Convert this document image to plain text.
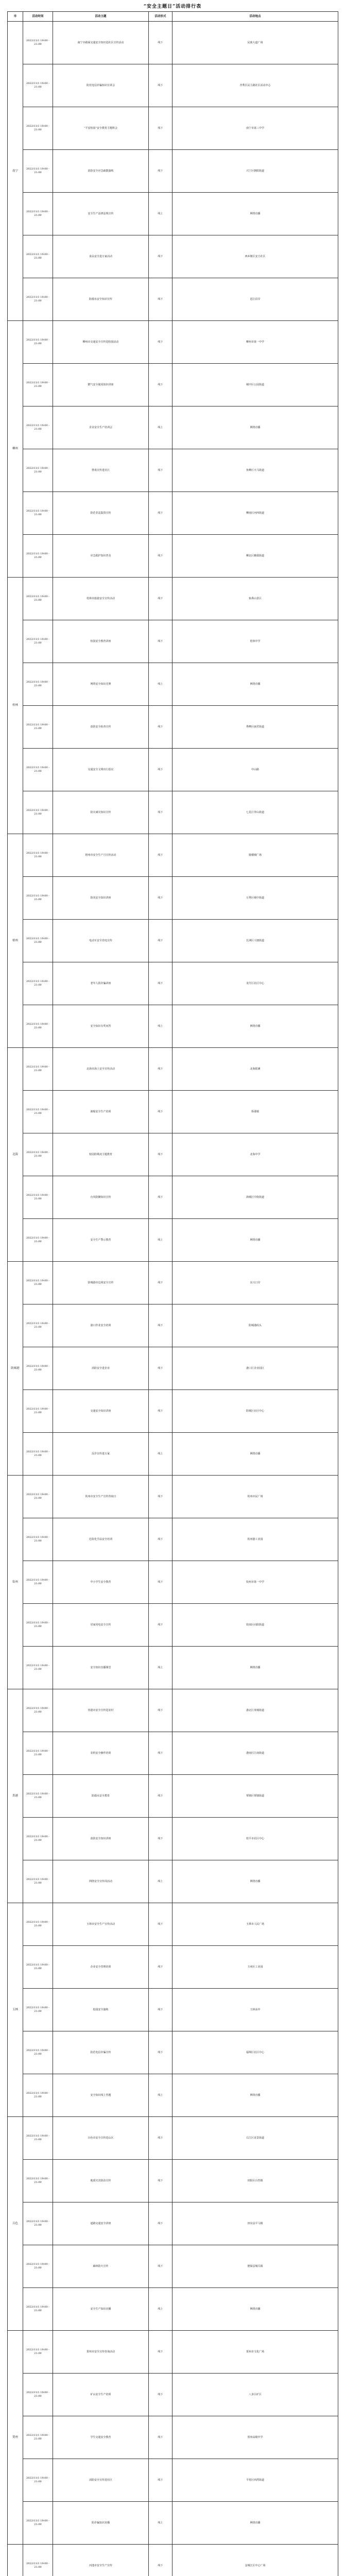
“安全主题日”活动排行表
市	活动时间	活动主题	活动形式	活动地点
南宁	2022/11/1 19:00 - 21:00	南宁市路面交通安全知识进社区宣传活动	线下	民族大道广场
	2022/11/1 19:00 - 21:00	防范电信诈骗知识宣讲会	线下	青秀区民主路社区活动中心
	2022/11/1 19:00 - 21:00	“平安校园”安全教育主题班会	线下	南宁市第三中学
	2022/11/1 19:00 - 21:00	消防安全应急疏散演练	线下	兴宁区朝阳街道
	2022/11/1 19:00 - 21:00	安全生产法律法规宣传	线上	网络直播
	2022/11/1 19:00 - 21:00	食品安全进万家活动	线下	西乡塘区安吉社区
	2022/11/1 19:00 - 21:00	防溺水安全知识宣传	线下	邕江沿岸
柳州	2022/11/1 19:00 - 21:00	柳州市交通安全宣传进校园活动	线下	柳州市第一中学
	2022/11/1 19:00 - 21:00	燃气安全使用知识讲座	线下	城中区公园街道
	2022/11/1 19:00 - 21:00	企业安全生产培训会	线上	网络直播
	2022/11/1 19:00 - 21:00	禁毒宣传进社区	线下	鱼峰区天马街道
	2022/11/1 19:00 - 21:00	防范非法集资宣传	线下	柳南区河西街道
	2022/11/1 19:00 - 21:00	应急救护知识普及	线下	柳北区雅儒街道
桂林	2022/11/1 19:00 - 21:00	桂林市旅游安全宣传活动	线下	象鼻山景区
	2022/11/1 19:00 - 21:00	校园安全教育讲座	线下	桂林中学
	2022/11/1 19:00 - 21:00	网络安全知识竞赛	线上	网络直播
	2022/11/1 19:00 - 21:00	消防安全检查宣传	线下	秀峰区丽君街道
	2022/11/1 19:00 - 21:00	交通安全文明出行倡议	线下	中山路
	2022/11/1 19:00 - 21:00	防灾减灾知识宣传	线下	七星区穿山街道
梧州	2022/11/1 19:00 - 21:00	梧州市安全生产月宣传活动	线下	骑楼城广场
	2022/11/1 19:00 - 21:00	防汛安全知识讲座	线下	万秀区城中街道
	2022/11/1 19:00 - 21:00	电动车安全充电宣传	线下	长洲区大塘街道
	2022/11/1 19:00 - 21:00	老年人防诈骗讲座	线下	龙圩区社区中心
	2022/11/1 19:00 - 21:00	安全知识有奖问答	线上	网络直播
北海	2022/11/1 19:00 - 21:00	北海市海上安全宣传活动	线下	北海银滩
	2022/11/1 19:00 - 21:00	渔船安全生产培训	线下	侨港镇
	2022/11/1 19:00 - 21:00	校园防欺凌主题教育	线下	北海中学
	2022/11/1 19:00 - 21:00	台风防御知识宣传	线下	海城区中街街道
	2022/11/1 19:00 - 21:00	安全生产警示教育	线上	网络直播
防城港	2022/11/1 19:00 - 21:00	防城港市边境安全宣传	线下	东兴口岸
	2022/11/1 19:00 - 21:00	港口作业安全培训	线下	防城港码头
	2022/11/1 19:00 - 21:00	消防安全进企业	线下	港口区企业园区
	2022/11/1 19:00 - 21:00	交通安全知识讲座	线下	防城区社区中心
	2022/11/1 19:00 - 21:00	反诈宣传进万家	线上	网络直播
钦州	2022/11/1 19:00 - 21:00	钦州市安全生产宣传咨询日	线下	钦州市民广场
	2022/11/1 19:00 - 21:00	危险化学品安全培训	线下	钦州港工业园
	2022/11/1 19:00 - 21:00	中小学生安全教育	线下	钦州市第一中学
	2022/11/1 19:00 - 21:00	居家用电安全宣传	线下	钦南区向阳街道
	2022/11/1 19:00 - 21:00	安全知识直播课堂	线上	网络直播
贵港	2022/11/1 19:00 - 21:00	贵港市安全宣传进农村	线下	港北区贵城街道
	2022/11/1 19:00 - 21:00	农机安全操作培训	线下	港南区江南街道
	2022/11/1 19:00 - 21:00	防溺水安全教育	线下	覃塘区覃塘街道
	2022/11/1 19:00 - 21:00	消防安全知识讲座	线下	桂平市社区中心
	2022/11/1 19:00 - 21:00	网络安全宣传周活动	线上	网络直播
玉林	2022/11/1 19:00 - 21:00	玉林市安全生产宣传活动	线下	玉林市人民广场
	2022/11/1 19:00 - 21:00	企业安全管理培训	线下	玉州区工业园
	2022/11/1 19:00 - 21:00	校园安全演练	线下	玉林高中
	2022/11/1 19:00 - 21:00	防范电信诈骗宣传	线下	福绵区社区中心
	2022/11/1 19:00 - 21:00	安全知识线上答题	线上	网络直播
百色	2022/11/1 19:00 - 21:00	百色市安全宣传进山区	线下	右江区龙景街道
	2022/11/1 19:00 - 21:00	地质灾害防治宣传	线下	田阳区百育镇
	2022/11/1 19:00 - 21:00	道路交通安全讲座	线下	田东县平马镇
	2022/11/1 19:00 - 21:00	森林防火宣传	线下	德保县城关镇
	2022/11/1 19:00 - 21:00	安全生产知识直播	线上	网络直播
贺州	2022/11/1 19:00 - 21:00	贺州市安全宣传咨询活动	线下	贺州市文化广场
	2022/11/1 19:00 - 21:00	矿山安全生产培训	线下	八步区矿区
	2022/11/1 19:00 - 21:00	学生交通安全教育	线下	贺州高级中学
	2022/11/1 19:00 - 21:00	消防安全宣传进社区	线下	平桂区西湾街道
	2022/11/1 19:00 - 21:00	防诈骗知识直播	线上	网络直播
	2022/11/1 19:00 - 21:00	河池市安全生产宣传	线下	金城江区中心广场
